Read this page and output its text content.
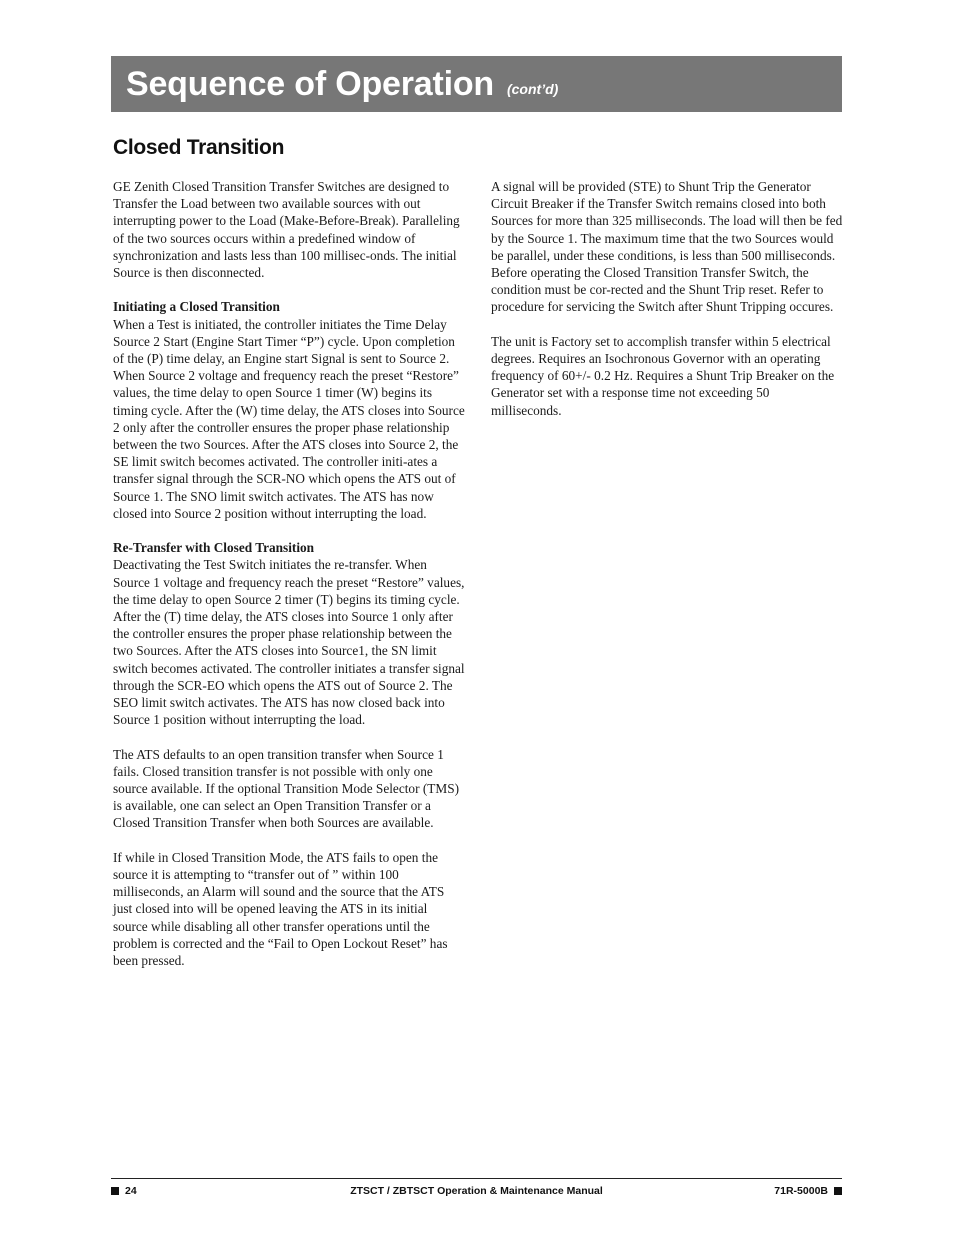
Sequence of Operation (cont’d)
Closed Transition

GE Zenith Closed Transition Transfer Switches are designed to Transfer the Load between two available sources with out interrupting power to the Load (Make-Before-Break). Paralleling of the two sources occurs within a predefined window of synchronization and lasts less than 100 millisec-onds. The initial Source is then disconnected.

Initiating a Closed Transition
When a Test is initiated, the controller initiates the Time Delay Source 2 Start (Engine Start Timer “P”) cycle. Upon completion of the (P) time delay, an Engine start Signal is sent to Source 2. When Source 2 voltage and frequency reach the preset “Restore” values, the time delay to open Source 1 timer (W) begins its timing cycle. After the (W) time delay, the ATS closes into Source 2 only after the controller ensures the proper phase relationship between the two Sources. After the ATS closes into Source 2, the SE limit switch becomes activated. The controller initi-ates a transfer signal through the SCR-NO which opens the ATS out of Source 1. The SNO limit switch activates. The ATS has now closed into Source 2 position without interrupting the load.

Re-Transfer with Closed Transition
Deactivating the Test Switch initiates the re-transfer. When Source 1 voltage and frequency reach the preset “Restore” values, the time delay to open Source 2 timer (T) begins its timing cycle. After the (T) time delay, the ATS closes into Source 1 only after the controller ensures the proper phase relationship between the two Sources. After the ATS closes into Source1, the SN limit switch becomes activated. The controller initiates a transfer signal through the SCR-EO which opens the ATS out of Source 2. The SEO limit switch activates. The ATS has now closed back into Source 1 position without interrupting the load.

The ATS defaults to an open transition transfer when Source 1 fails. Closed transition transfer is not possible with only one source available. If the optional Transition Mode Selector (TMS) is available, one can select an Open Transition Transfer or a Closed Transition Transfer when both Sources are available.

If while in Closed Transition Mode, the ATS fails to open the source it is attempting to “transfer out of ” within 100 milliseconds, an Alarm will sound and the source that the ATS just closed into will be opened leaving the ATS in its initial source while disabling all other transfer operations until the problem is corrected and the “Fail to Open Lockout Reset” has been pressed.

A signal will be provided (STE) to Shunt Trip the Generator Circuit Breaker if the Transfer Switch remains closed into both Sources for more than 325 milliseconds. The load will then be fed by the Source 1. The maximum time that the two Sources would be parallel, under these conditions, is less than 500 milliseconds. Before operating the Closed Transition Transfer Switch, the condition must be cor-rected and the Shunt Trip reset. Refer to procedure for servicing the Switch after Shunt Tripping occures.

The unit is Factory set to accomplish transfer within 5 electrical degrees. Requires an Isochronous Governor with an operating frequency of 60+/- 0.2 Hz. Requires a Shunt Trip Breaker on the Generator set with a response time not exceeding 50 milliseconds.

24	ZTSCT / ZBTSCT Operation & Maintenance Manual	71R-5000B
